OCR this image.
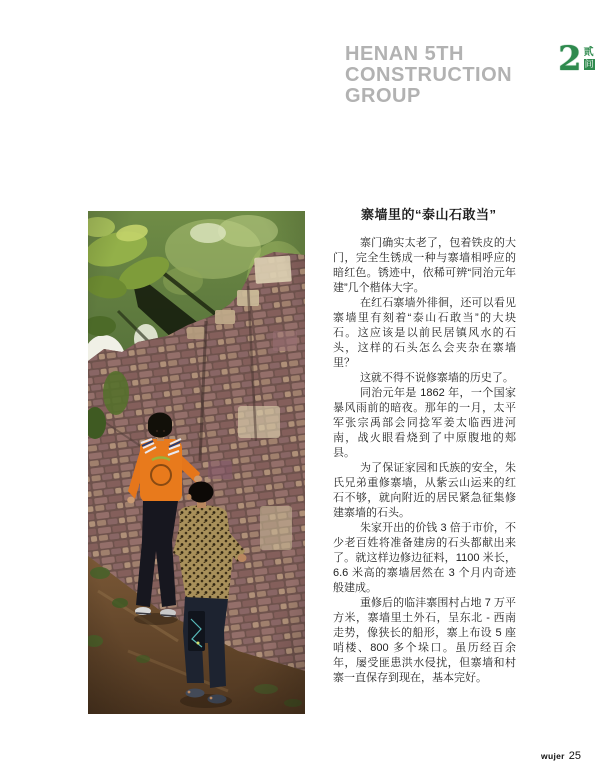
HENAN 5TH
CONSTRUCTION
GROUP
2 贰
间
寨墙里的“泰山石敢当”

寨门确实太老了，包着铁皮的大门，完全生锈成一种与寨墙相呼应的暗红色。锈迹中，依稀可辨“同治元年建”几个楷体大字。

在红石寨墙外徘徊，还可以看见寨墙里有刻着“泰山石敢当”的大块石。这应该是以前民居镇风水的石头，这样的石头怎么会夹杂在寨墙里？

这就不得不说修寨墙的历史了。

同治元年是 1862 年，一个国家暴风雨前的暗夜。那年的一月，太平军张宗禹部会同捻军姜太临西进河南，战火眼看烧到了中原腹地的郏县。

为了保证家园和氏族的安全，朱氏兄弟重修寨墙，从紫云山运来的红石不够，就向附近的居民紧急征集修建寨墙的石头。

朱家开出的价钱 3 倍于市价，不少老百姓将准备建房的石头都献出来了。就这样边修边征料，1100 米长，6.6 米高的寨墙居然在 3 个月内奇迹般建成。

重修后的临沣寨围村占地 7 万平方米，寨墙里土外石，呈东北 - 西南走势，像狭长的船形，寨上布设 5 座哨楼、800 多个垛口。虽历经百余年，屡受匪患洪水侵扰，但寨墙和村寨一直保存到现在，基本完好。

wujer 25
